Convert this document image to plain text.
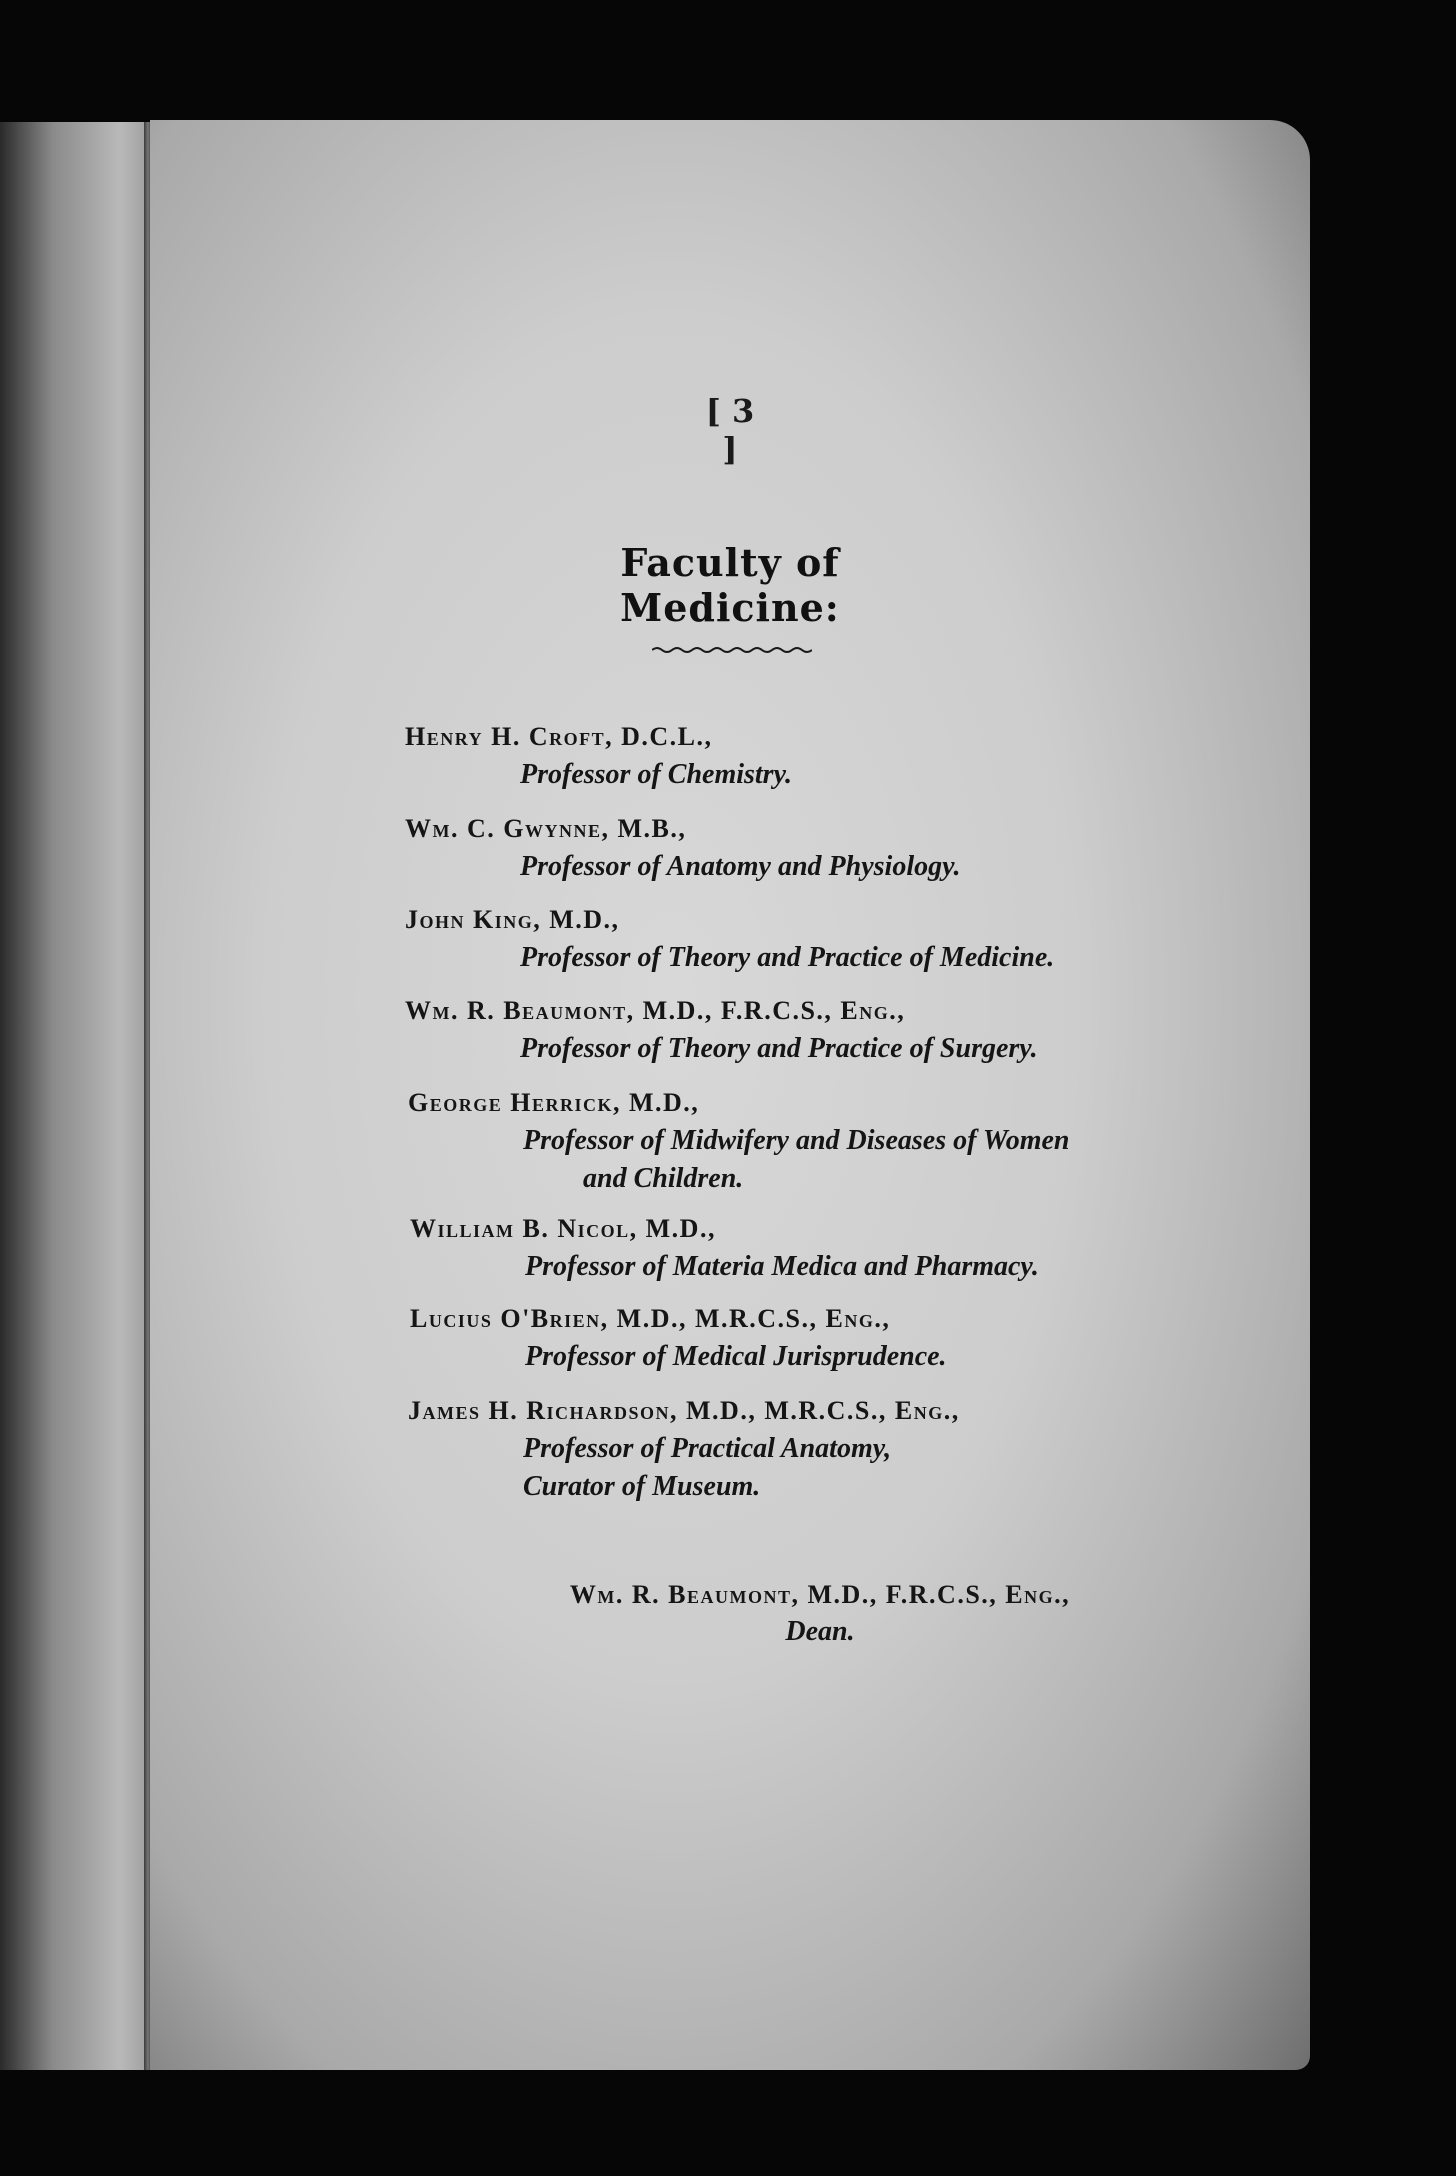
[ 3 ]
Faculty of Medicine:
Henry H. Croft, D.C.L.,
Professor of Chemistry.
Wm. C. Gwynne, M.B.,
Professor of Anatomy and Physiology.
John King, M.D.,
Professor of Theory and Practice of Medicine.
Wm. R. Beaumont, M.D., F.R.C.S., Eng.,
Professor of Theory and Practice of Surgery.
George Herrick, M.D.,
Professor of Midwifery and Diseases of Women
and Children.
William B. Nicol, M.D.,
Professor of Materia Medica and Pharmacy.
Lucius O'Brien, M.D., M.R.C.S., Eng.,
Professor of Medical Jurisprudence.
James H. Richardson, M.D., M.R.C.S., Eng.,
Professor of Practical Anatomy,
Curator of Museum.
Wm. R. Beaumont, M.D., F.R.C.S., Eng.,
Dean.
